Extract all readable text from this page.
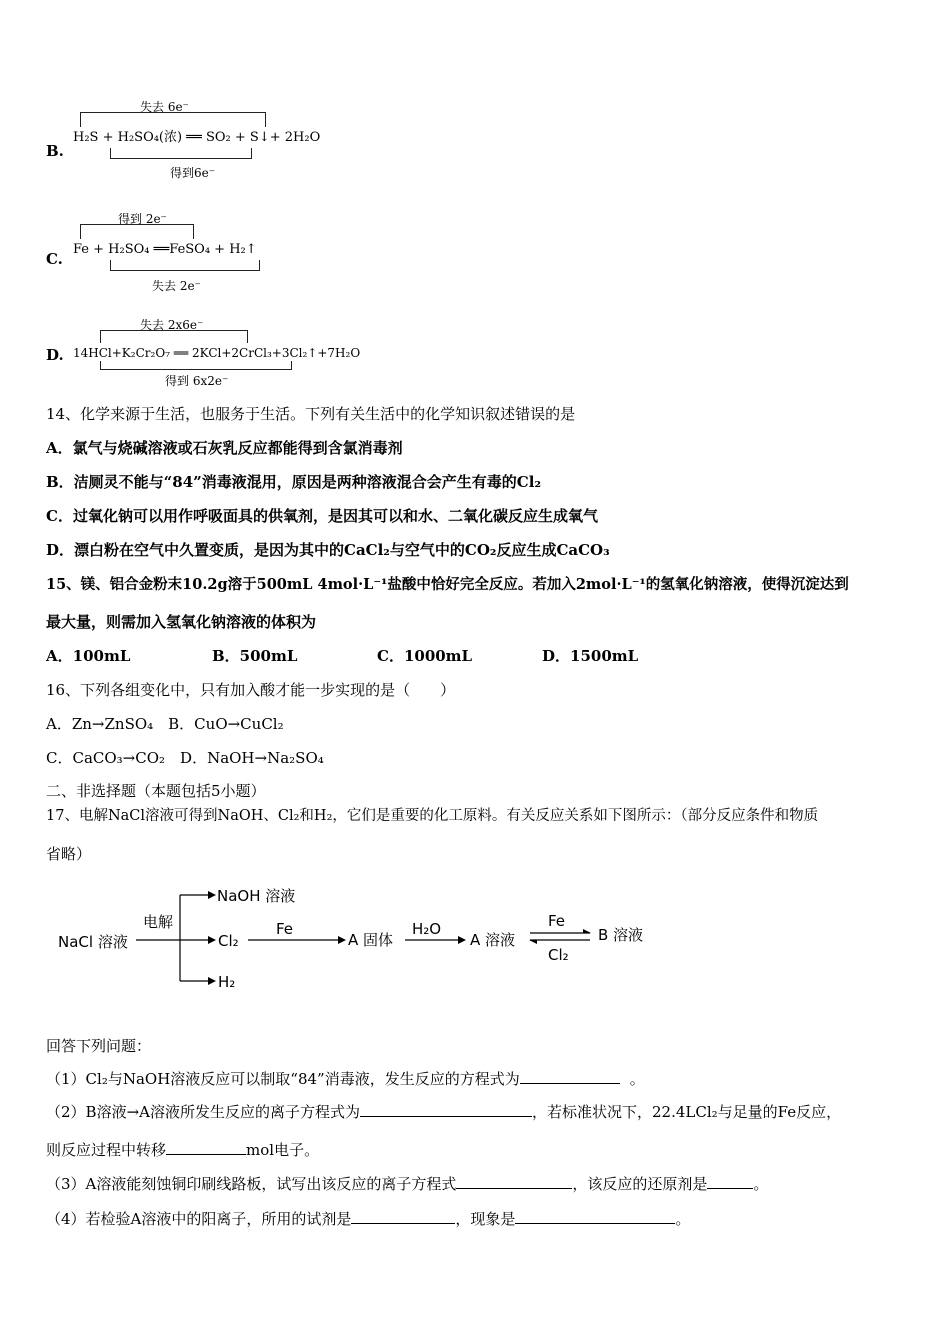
B.
失去 6e⁻
H₂S + H₂SO₄(浓) ══ SO₂ + S↓+ 2H₂O
得到6e⁻
C.
得到 2e⁻
Fe + H₂SO₄ ══FeSO₄ + H₂↑
失去 2e⁻
D.
失去 2x6e⁻
14HCl+K₂Cr₂O₇ ══ 2KCl+2CrCl₃+3Cl₂↑+7H₂O
得到 6x2e⁻
14、化学来源于生活，也服务于生活。下列有关生活中的化学知识叙述错误的是
A．氯气与烧碱溶液或石灰乳反应都能得到含氯消毒剂
B．洁厕灵不能与“84”消毒液混用，原因是两种溶液混合会产生有毒的Cl₂
C．过氧化钠可以用作呼吸面具的供氧剂，是因其可以和水、二氧化碳反应生成氧气
D．漂白粉在空气中久置变质，是因为其中的CaCl₂与空气中的CO₂反应生成CaCO₃
15、镁、铝合金粉末10.2g溶于500mL 4mol·L⁻¹盐酸中恰好完全反应。若加入2mol·L⁻¹的氢氧化钠溶液，使得沉淀达到
最大量，则需加入氢氧化钠溶液的体积为
A．100mL	B．500mL	C．1000mL	D．1500mL
16、下列各组变化中，只有加入酸才能一步实现的是（　　）
A．Zn→ZnSO₄　B．CuO→CuCl₂
C．CaCO₃→CO₂　D．NaOH→Na₂SO₄
二、非选择题（本题包括5小题）
17、电解NaCl溶液可得到NaOH、Cl₂和H₂，它们是重要的化工原料。有关反应关系如下图所示：（部分反应条件和物质
省略）
NaCl 溶液
电解
NaOH 溶液
Cl₂
H₂
Fe
A 固体
H₂O
A 溶液
Fe
Cl₂
B 溶液
回答下列问题：
（1）Cl₂与NaOH溶液反应可以制取“84”消毒液，发生反应的方程式为	。
（2）B溶液→A溶液所发生反应的离子方程式为	，若标准状况下，22.4LCl₂与足量的Fe反应，
则反应过程中转移	mol电子。
（3）A溶液能刻蚀铜印刷线路板，试写出该反应的离子方程式	，该反应的还原剂是	。
（4）若检验A溶液中的阳离子，所用的试剂是	，现象是	。
